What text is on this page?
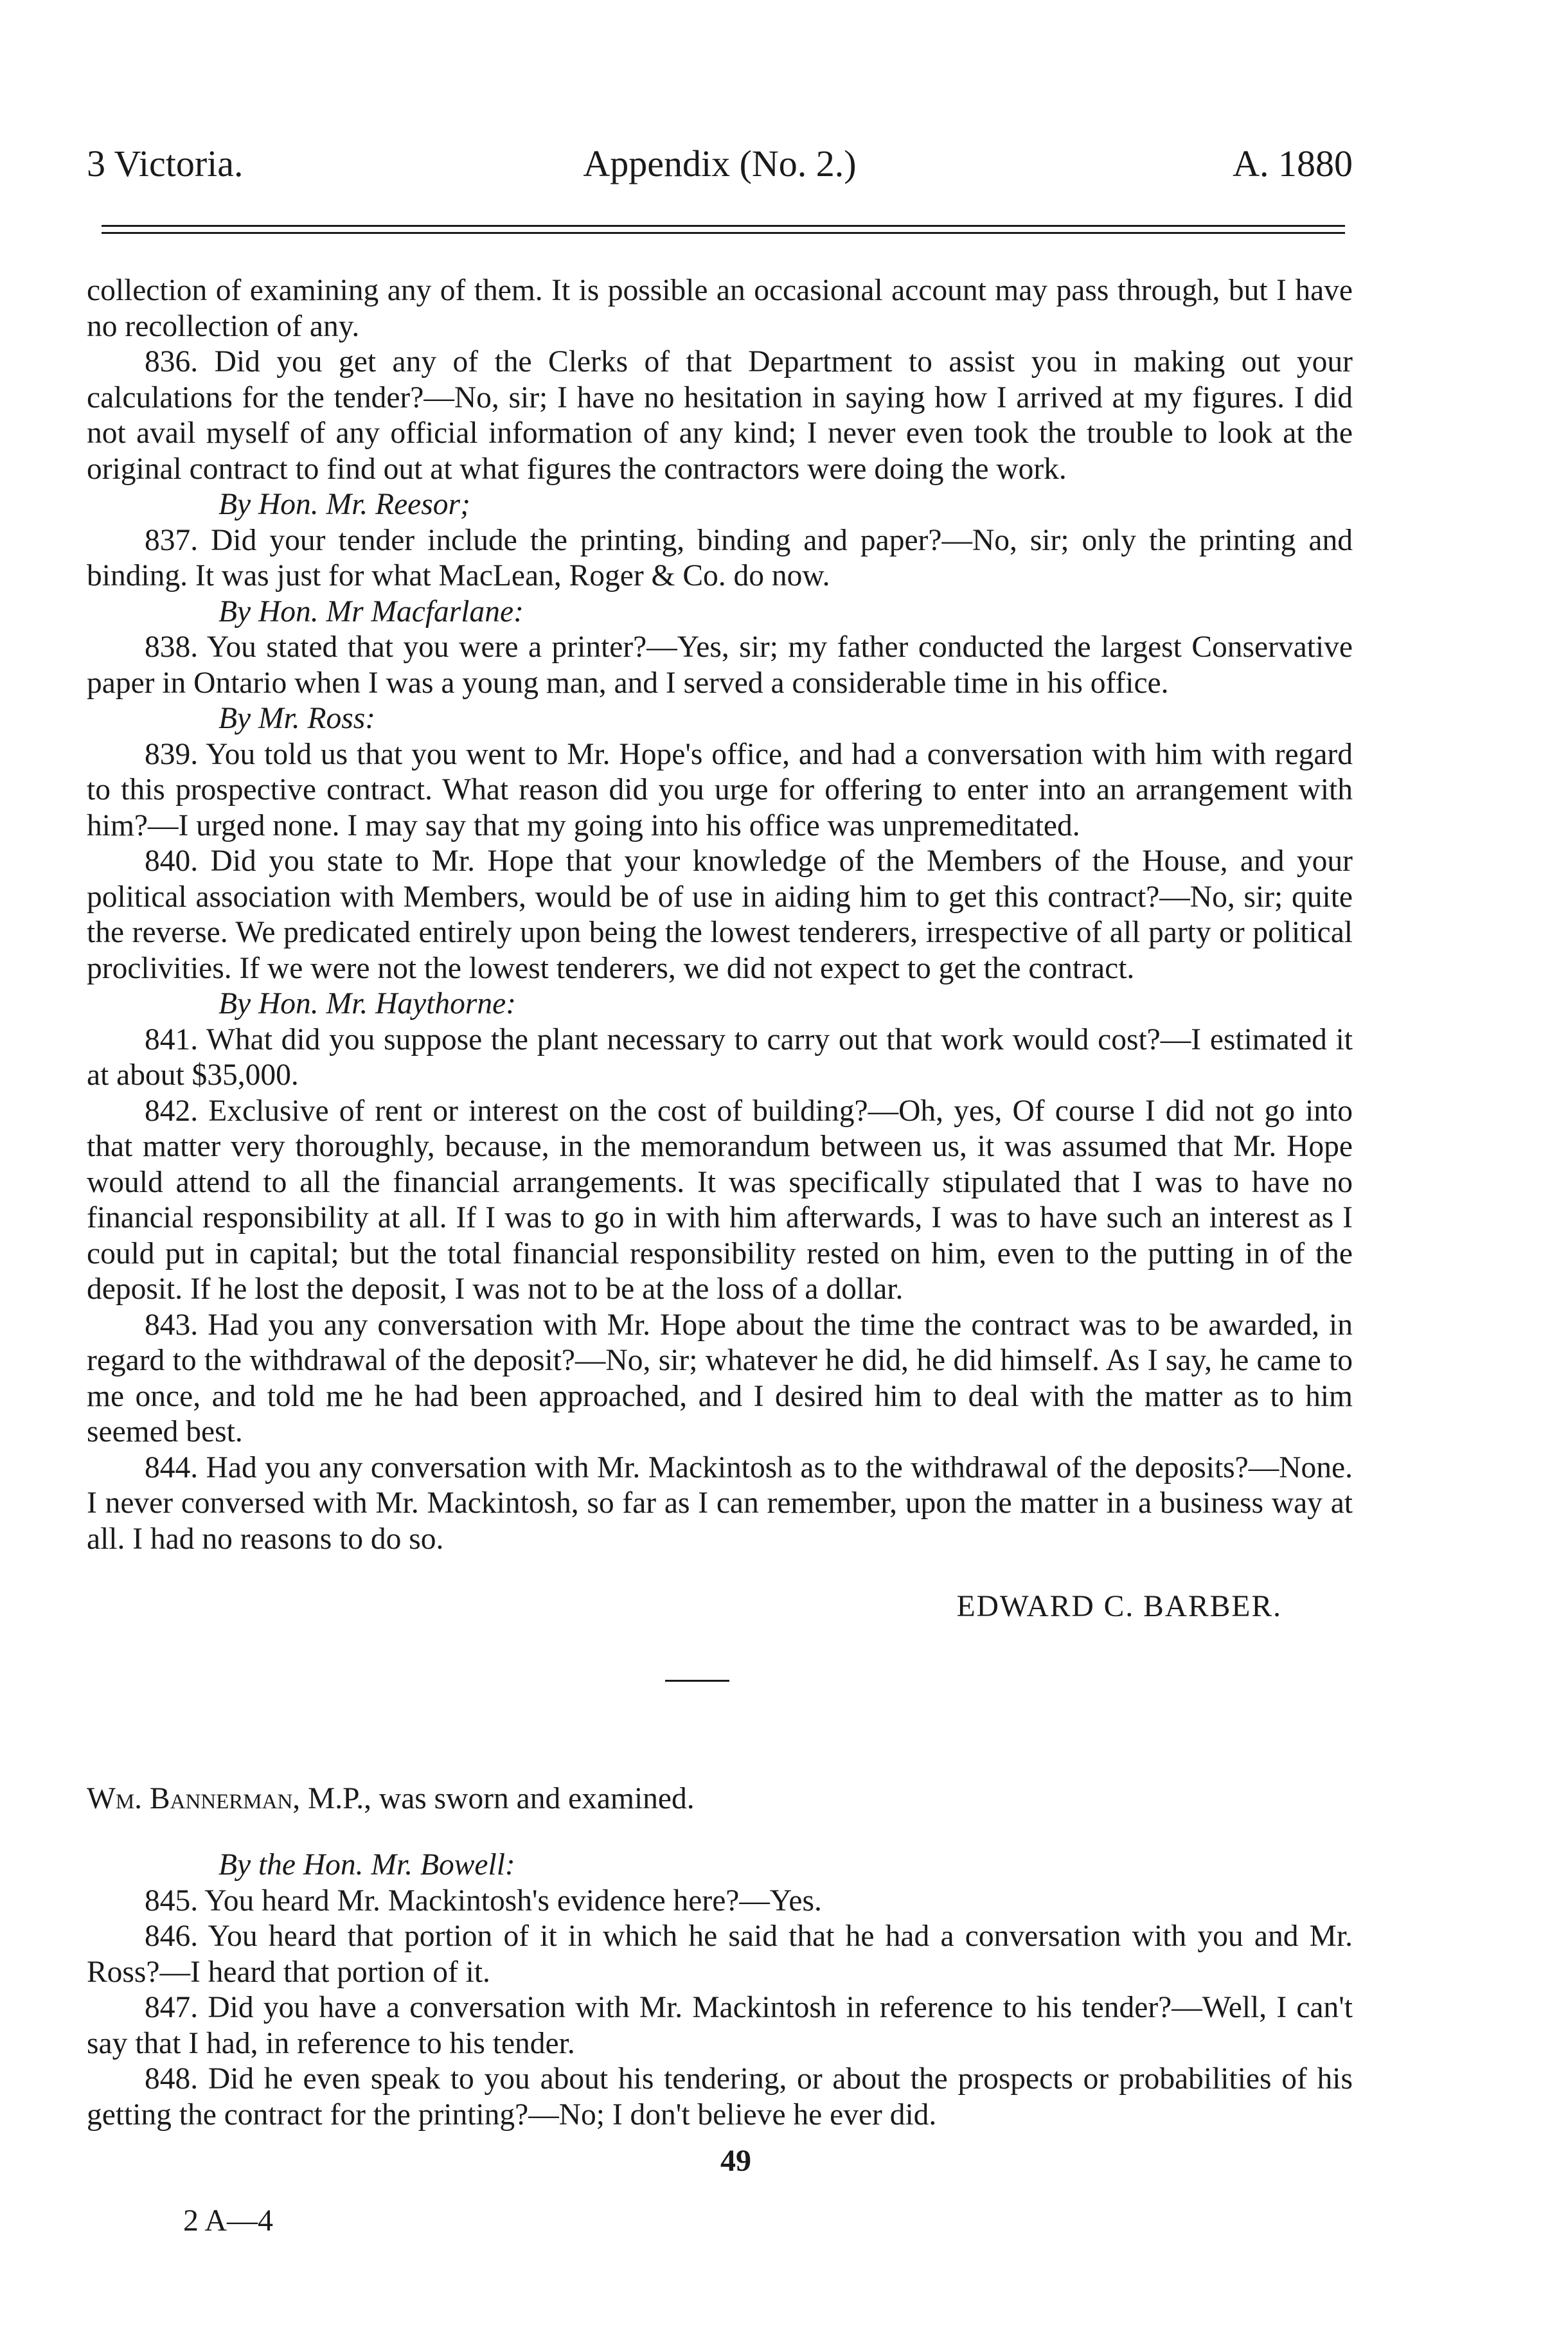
3 Victoria.	Appendix (No. 2.)	A. 1880

collection of examining any of them. It is possible an occasional account may pass through, but I have no recollection of any.

836. Did you get any of the Clerks of that Department to assist you in making out your calculations for the tender?—No, sir; I have no hesitation in saying how I arrived at my figures. I did not avail myself of any official information of any kind; I never even took the trouble to look at the original contract to find out at what figures the contractors were doing the work.

By Hon. Mr. Reesor;

837. Did your tender include the printing, binding and paper?—No, sir; only the printing and binding. It was just for what MacLean, Roger & Co. do now.

By Hon. Mr Macfarlane:

838. You stated that you were a printer?—Yes, sir; my father conducted the largest Conservative paper in Ontario when I was a young man, and I served a considerable time in his office.

By Mr. Ross:

839. You told us that you went to Mr. Hope's office, and had a conversation with him with regard to this prospective contract. What reason did you urge for offering to enter into an arrangement with him?—I urged none. I may say that my going into his office was unpremeditated.

840. Did you state to Mr. Hope that your knowledge of the Members of the House, and your political association with Members, would be of use in aiding him to get this contract?—No, sir; quite the reverse. We predicated entirely upon being the lowest tenderers, irrespective of all party or political proclivities. If we were not the lowest tenderers, we did not expect to get the contract.

By Hon. Mr. Haythorne:

841. What did you suppose the plant necessary to carry out that work would cost?—I estimated it at about $35,000.

842. Exclusive of rent or interest on the cost of building?—Oh, yes, Of course I did not go into that matter very thoroughly, because, in the memorandum between us, it was assumed that Mr. Hope would attend to all the financial arrangements. It was specifically stipulated that I was to have no financial responsibility at all. If I was to go in with him afterwards, I was to have such an interest as I could put in capital; but the total financial responsibility rested on him, even to the putting in of the deposit. If he lost the deposit, I was not to be at the loss of a dollar.

843. Had you any conversation with Mr. Hope about the time the contract was to be awarded, in regard to the withdrawal of the deposit?—No, sir; whatever he did, he did himself. As I say, he came to me once, and told me he had been approached, and I desired him to deal with the matter as to him seemed best.

844. Had you any conversation with Mr. Mackintosh as to the withdrawal of the deposits?—None. I never conversed with Mr. Mackintosh, so far as I can remember, upon the matter in a business way at all. I had no reasons to do so.

EDWARD C. BARBER.

Wm. Bannerman, M.P., was sworn and examined.

By the Hon. Mr. Bowell:

845. You heard Mr. Mackintosh's evidence here?—Yes.

846. You heard that portion of it in which he said that he had a conversation with you and Mr. Ross?—I heard that portion of it.

847. Did you have a conversation with Mr. Mackintosh in reference to his tender?—Well, I can't say that I had, in reference to his tender.

848. Did he even speak to you about his tendering, or about the prospects or probabilities of his getting the contract for the printing?—No; I don't believe he ever did.

49
2 A—4
